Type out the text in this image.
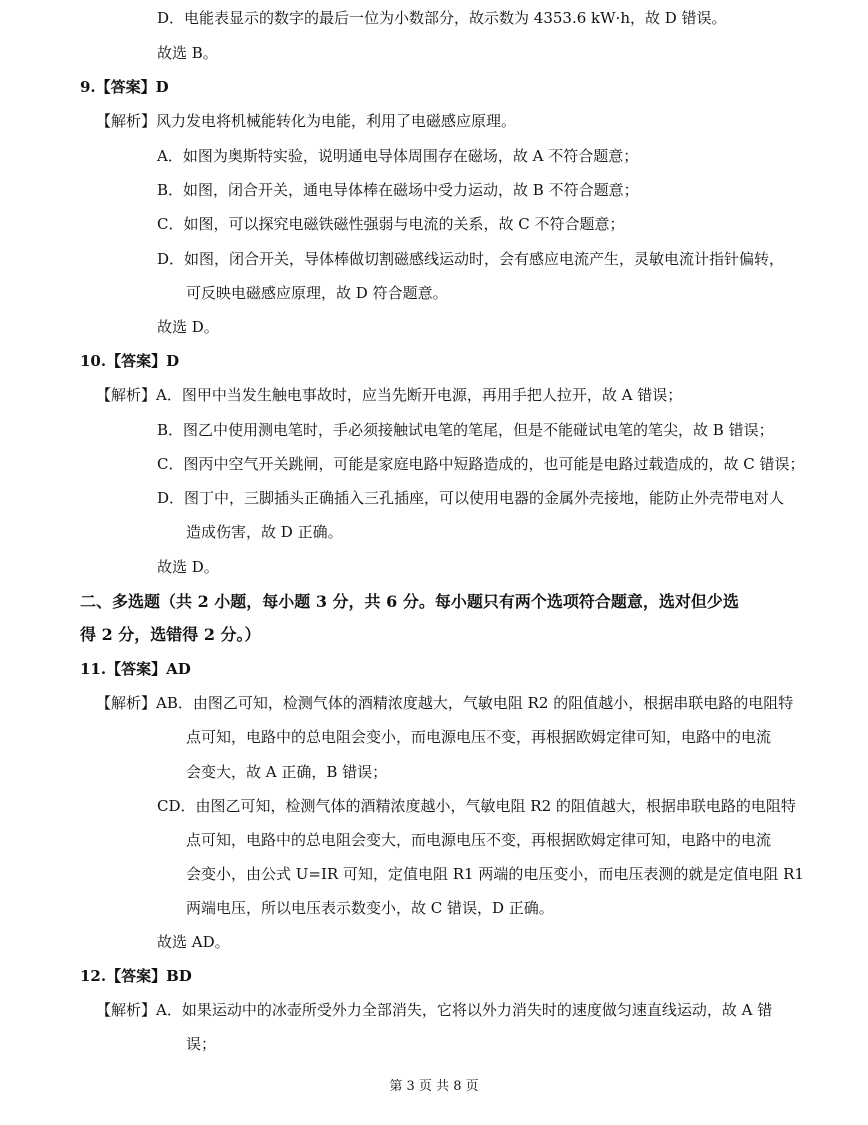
D．电能表显示的数字的最后一位为小数部分，故示数为 4353.6 kW·h，故 D 错误。
故选 B。
9.【答案】D
【解析】风力发电将机械能转化为电能，利用了电磁感应原理。
A．如图为奥斯特实验，说明通电导体周围存在磁场，故 A 不符合题意；
B．如图，闭合开关，通电导体棒在磁场中受力运动，故 B 不符合题意；
C．如图，可以探究电磁铁磁性强弱与电流的关系，故 C 不符合题意；
D．如图，闭合开关，导体棒做切割磁感线运动时，会有感应电流产生，灵敏电流计指针偏转，
可反映电磁感应原理，故 D 符合题意。
故选 D。
10.【答案】D
【解析】A．图甲中当发生触电事故时，应当先断开电源，再用手把人拉开，故 A 错误；
B．图乙中使用测电笔时，手必须接触试电笔的笔尾，但是不能碰试电笔的笔尖，故 B 错误；
C．图丙中空气开关跳闸，可能是家庭电路中短路造成的，也可能是电路过载造成的，故 C 错误；
D．图丁中，三脚插头正确插入三孔插座，可以使用电器的金属外壳接地，能防止外壳带电对人
造成伤害，故 D 正确。
故选 D。
二、多选题（共 2 小题，每小题 3 分，共 6 分。每小题只有两个选项符合题意，选对但少选
得 2 分，选错得 2 分。）
11.【答案】AD
【解析】AB．由图乙可知，检测气体的酒精浓度越大，气敏电阻 R2 的阻值越小，根据串联电路的电阻特
点可知，电路中的总电阻会变小，而电源电压不变，再根据欧姆定律可知，电路中的电流
会变大，故 A 正确，B 错误；
CD．由图乙可知，检测气体的酒精浓度越小，气敏电阻 R2 的阻值越大，根据串联电路的电阻特
点可知，电路中的总电阻会变大，而电源电压不变，再根据欧姆定律可知，电路中的电流
会变小，由公式 U=IR 可知，定值电阻 R1 两端的电压变小，而电压表测的就是定值电阻 R1
两端电压，所以电压表示数变小，故 C 错误，D 正确。
故选 AD。
12.【答案】BD
【解析】A．如果运动中的冰壶所受外力全部消失，它将以外力消失时的速度做匀速直线运动，故 A 错
误；
第 3 页 共 8 页
